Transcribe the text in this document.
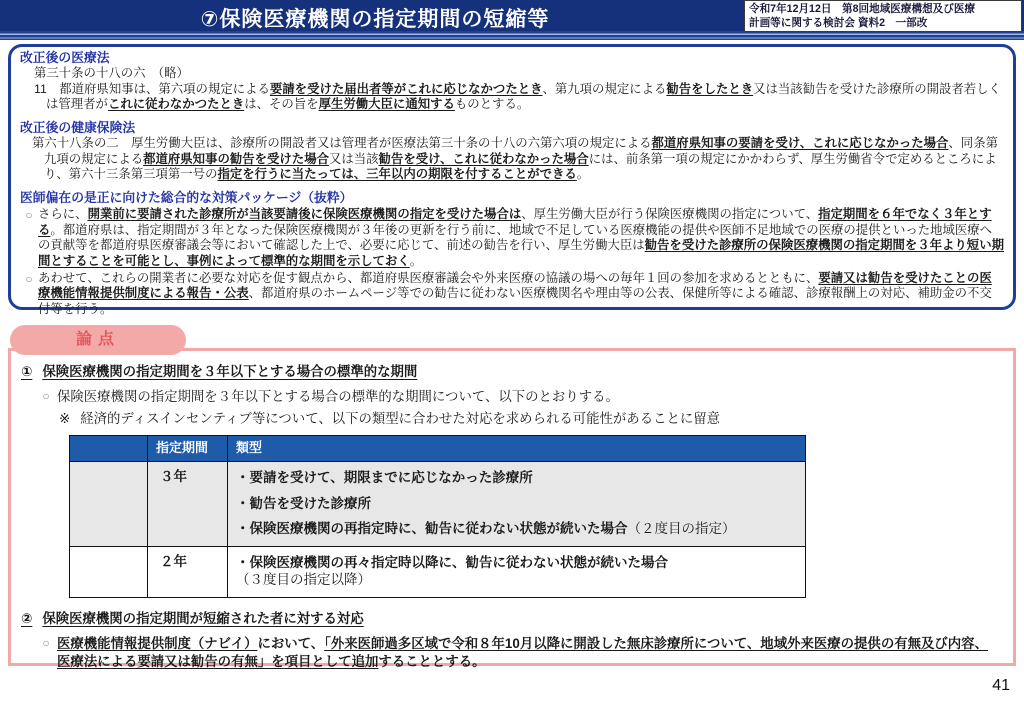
⑦保険医療機関の指定期間の短縮等	令和7年12月12日　第8回地域医療構想及び医療
計画等に関する検討会 資料2　一部改
改正後の医療法
第三十条の十八の六　（略）
11　都道府県知事は、第六項の規定による要請を受けた届出者等がこれに応じなかつたとき、第九項の規定による勧告をしたとき又は当該勧告を受けた診療所の開設者若しくは管理者がこれに従わなかつたときは、その旨を厚生労働大臣に通知するものとする。
改正後の健康保険法
第六十八条の二　厚生労働大臣は、診療所の開設者又は管理者が医療法第三十条の十八の六第六項の規定による都道府県知事の要請を受け、これに応じなかった場合、同条第九項の規定による都道府県知事の勧告を受けた場合又は当該勧告を受け、これに従わなかった場合には、前条第一項の規定にかかわらず、厚生労働省令で定めるところにより、第六十三条第三項第一号の指定を行うに当たっては、三年以内の期限を付することができる。
医師偏在の是正に向けた総合的な対策パッケージ（抜粋）
○ さらに、開業前に要請された診療所が当該要請後に保険医療機関の指定を受けた場合は、厚生労働大臣が行う保険医療機関の指定について、指定期間を６年でなく３年とする。都道府県は、指定期間が３年となった保険医療機関が３年後の更新を行う前に、地域で不足している医療機能の提供や医師不足地域での医療の提供といった地域医療への貢献等を都道府県医療審議会等において確認した上で、必要に応じて、前述の勧告を行い、厚生労働大臣は勧告を受けた診療所の保険医療機関の指定期間を３年より短い期間とすることを可能とし、事例によって標準的な期間を示しておく。
○ あわせて、これらの開業者に必要な対応を促す観点から、都道府県医療審議会や外来医療の協議の場への毎年１回の参加を求めるとともに、要請又は勧告を受けたことの医療機能情報提供制度による報告・公表、都道府県のホームページ等での勧告に従わない医療機関名や理由等の公表、保健所等による確認、診療報酬上の対応、補助金の不交付等を行う。
論点
① 保険医療機関の指定期間を３年以下とする場合の標準的な期間
○ 保険医療機関の指定期間を３年以下とする場合の標準的な期間について、以下のとおりする。
※ 経済的ディスインセンティブ等について、以下の類型に合わせた対応を求められる可能性があることに留意
	指定期間	類型
	３年	・要請を受けて、期限までに応じなかった診療所
・勧告を受けた診療所
・保険医療機関の再指定時に、勧告に従わない状態が続いた場合（２度目の指定）

	２年	・保険医療機関の再々指定時以降に、勧告に従わない状態が続いた場合（３度目の指定以降）
② 保険医療機関の指定期間が短縮された者に対する対応
○ 医療機能情報提供制度（ナビイ）において、「外来医師過多区域で令和８年10月以降に開設した無床診療所について、地域外来医療の提供の有無及び内容、医療法による要請又は勧告の有無」を項目として追加することとする。
41
